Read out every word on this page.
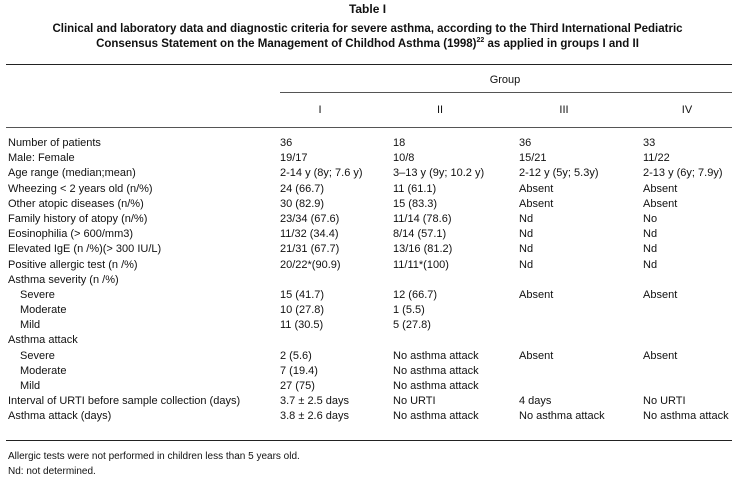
Table I
Clinical and laboratory data and diagnostic criteria for severe asthma, according to the Third International Pediatric
Consensus Statement on the Management of Childhod Asthma $(1998)^{22}$ as applied in groups I and II
Group
I	II	III	IV
Number of patients	36	18	36	33
Male: Female	19/17	10/8	15/21	11/22
Age range (median;mean)	2-14 y (8y; 7.6 y)	3–13 y (9y; 10.2 y)	2-12 y (5y; 5.3y)	2-13 y (6y; 7.9y)
Wheezing < 2 years old (n/%)	24 (66.7)	11 (61.1)	Absent	Absent
Other atopic diseases (n/%)	30 (82.9)	15 (83.3)	Absent	Absent
Family history of atopy (n/%)	23/34 (67.6)	11/14 (78.6)	Nd	No
Eosinophilia (> 600/mm3)	11/32 (34.4)	8/14 (57.1)	Nd	Nd
Elevated IgE (n /%)(> 300 IU/L)	21/31 (67.7)	13/16 (81.2)	Nd	Nd
Positive allergic test (n /%)	20/22*(90.9)	11/11*(100)	Nd	Nd
Asthma severity (n /%)
Severe	15 (41.7)	12 (66.7)	Absent	Absent
Moderate	10 (27.8)	1 (5.5)
Mild	11 (30.5)	5 (27.8)
Asthma attack
Severe	2 (5.6)	No asthma attack	Absent	Absent
Moderate	7 (19.4)	No asthma attack
Mild	27 (75)	No asthma attack
Interval of URTI before sample collection (days)	3.7 ± 2.5 days	No URTI	4 days	No URTI
Asthma attack (days)	3.8 ± 2.6 days	No asthma attack	No asthma attack	No asthma attack
Allergic tests were not performed in children less than 5 years old.
Nd: not determined.
